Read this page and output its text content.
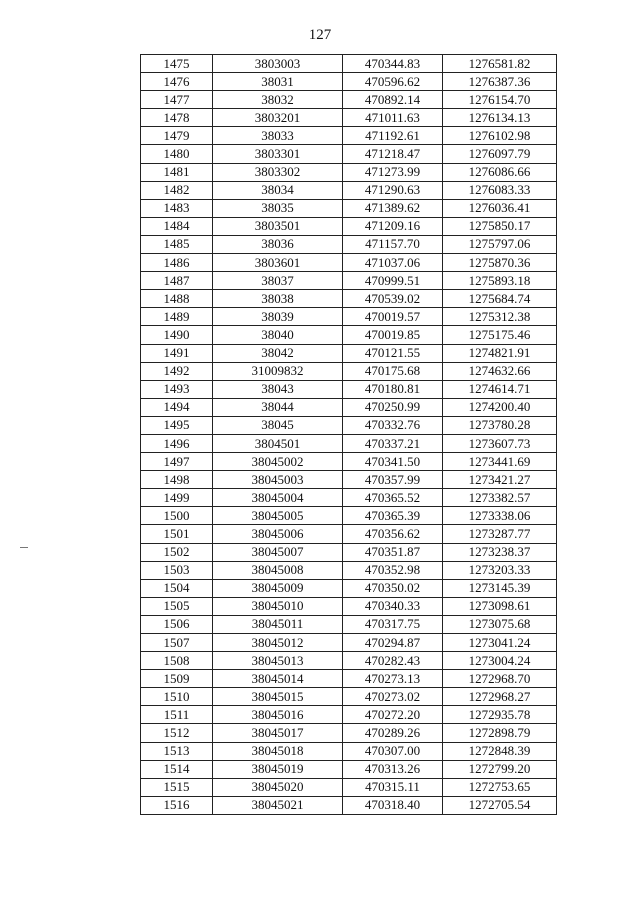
127
1475	3803003	470344.83	1276581.82
1476	38031	470596.62	1276387.36
1477	38032	470892.14	1276154.70
1478	3803201	471011.63	1276134.13
1479	38033	471192.61	1276102.98
1480	3803301	471218.47	1276097.79
1481	3803302	471273.99	1276086.66
1482	38034	471290.63	1276083.33
1483	38035	471389.62	1276036.41
1484	3803501	471209.16	1275850.17
1485	38036	471157.70	1275797.06
1486	3803601	471037.06	1275870.36
1487	38037	470999.51	1275893.18
1488	38038	470539.02	1275684.74
1489	38039	470019.57	1275312.38
1490	38040	470019.85	1275175.46
1491	38042	470121.55	1274821.91
1492	31009832	470175.68	1274632.66
1493	38043	470180.81	1274614.71
1494	38044	470250.99	1274200.40
1495	38045	470332.76	1273780.28
1496	3804501	470337.21	1273607.73
1497	38045002	470341.50	1273441.69
1498	38045003	470357.99	1273421.27
1499	38045004	470365.52	1273382.57
1500	38045005	470365.39	1273338.06
1501	38045006	470356.62	1273287.77
1502	38045007	470351.87	1273238.37
1503	38045008	470352.98	1273203.33
1504	38045009	470350.02	1273145.39
1505	38045010	470340.33	1273098.61
1506	38045011	470317.75	1273075.68
1507	38045012	470294.87	1273041.24
1508	38045013	470282.43	1273004.24
1509	38045014	470273.13	1272968.70
1510	38045015	470273.02	1272968.27
1511	38045016	470272.20	1272935.78
1512	38045017	470289.26	1272898.79
1513	38045018	470307.00	1272848.39
1514	38045019	470313.26	1272799.20
1515	38045020	470315.11	1272753.65
1516	38045021	470318.40	1272705.54
